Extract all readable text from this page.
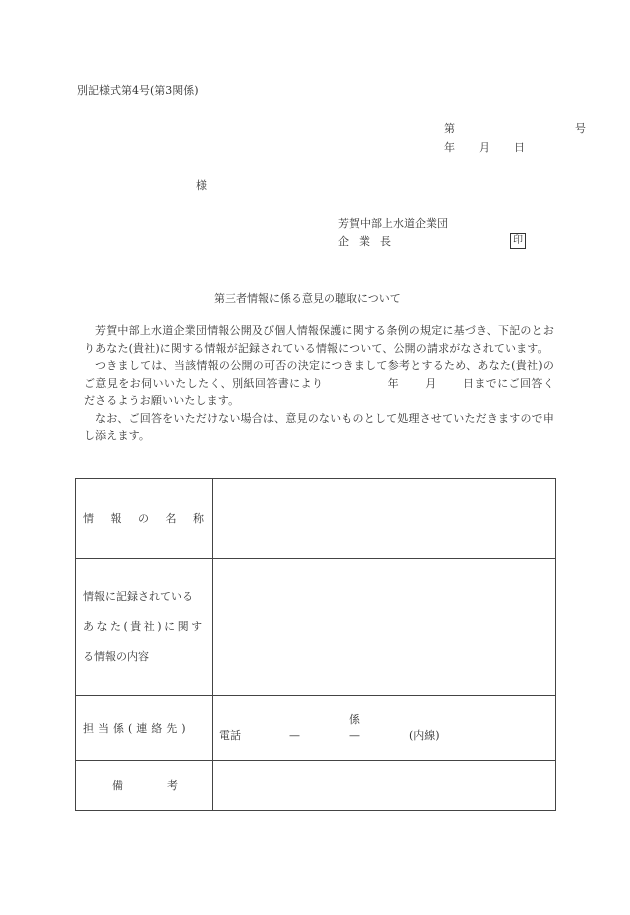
別記様式第4号(第3関係)
第	号
年 月 日
様
芳賀中部上水道企業団
企業長	印
第三者情報に係る意見の聴取について

芳賀中部上水道企業団情報公開及び個人情報保護に関する条例の規定に基づき、下記のとおりあなた(貴社)に関する情報が記録されている情報について、公開の請求がなされています。

つきましては、当該情報の公開の可否の決定につきまして参考とするため、あなた(貴社)のご意見をお伺いいたしたく、別紙回答書により	年 月 日までにご回答くださるようお願いいたします。

なお、ご回答をいただけない場合は、意見のないものとして処理させていただきますので申し添えます。

情 報 の 名 称	

情報に記録されている
あなた(貴社)に関す
る情報の内容	

担当係(連絡先)	係
電話 — — (内線)

備 考	
